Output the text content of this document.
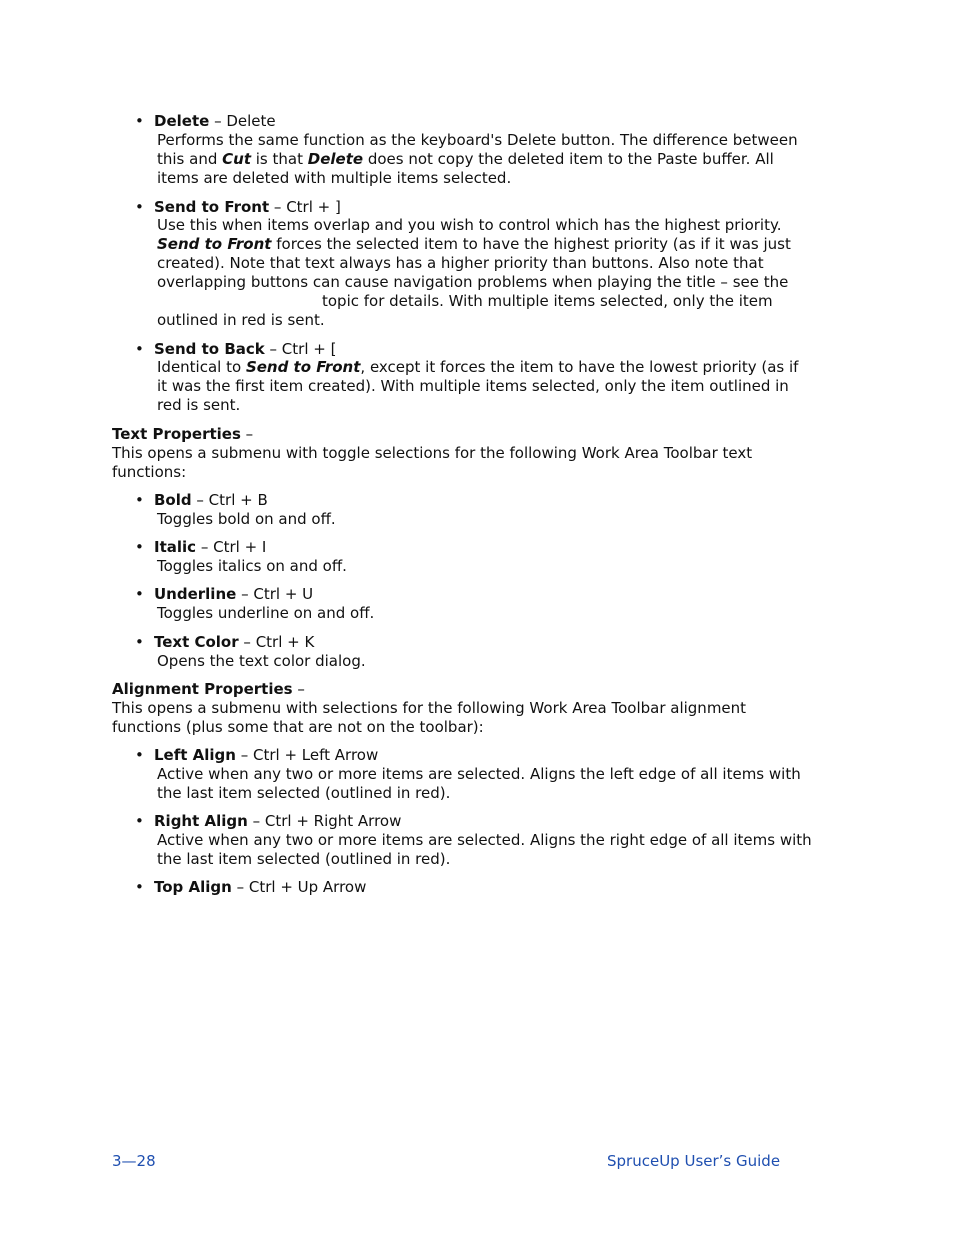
• Delete – Delete
Performs the same function as the keyboard's Delete button. The difference between
this and Cut is that Delete does not copy the deleted item to the Paste buffer. All
items are deleted with multiple items selected.
• Send to Front – Ctrl + ]
Use this when items overlap and you wish to control which has the highest priority.
Send to Front forces the selected item to have the highest priority (as if it was just
created). Note that text always has a higher priority than buttons. Also note that
overlapping buttons can cause navigation problems when playing the title – see the
topic for details. With multiple items selected, only the item
outlined in red is sent.
• Send to Back – Ctrl + [
Identical to Send to Front, except it forces the item to have the lowest priority (as if
it was the first item created). With multiple items selected, only the item outlined in
red is sent.
Text Properties –
This opens a submenu with toggle selections for the following Work Area Toolbar text
functions:
• Bold – Ctrl + B
Toggles bold on and off.
• Italic – Ctrl + I
Toggles italics on and off.
• Underline – Ctrl + U
Toggles underline on and off.
• Text Color – Ctrl + K
Opens the text color dialog.
Alignment Properties –
This opens a submenu with selections for the following Work Area Toolbar alignment
functions (plus some that are not on the toolbar):
• Left Align – Ctrl + Left Arrow
Active when any two or more items are selected. Aligns the left edge of all items with
the last item selected (outlined in red).
• Right Align – Ctrl + Right Arrow
Active when any two or more items are selected. Aligns the right edge of all items with
the last item selected (outlined in red).
• Top Align – Ctrl + Up Arrow
3—28	SpruceUp User’s Guide
